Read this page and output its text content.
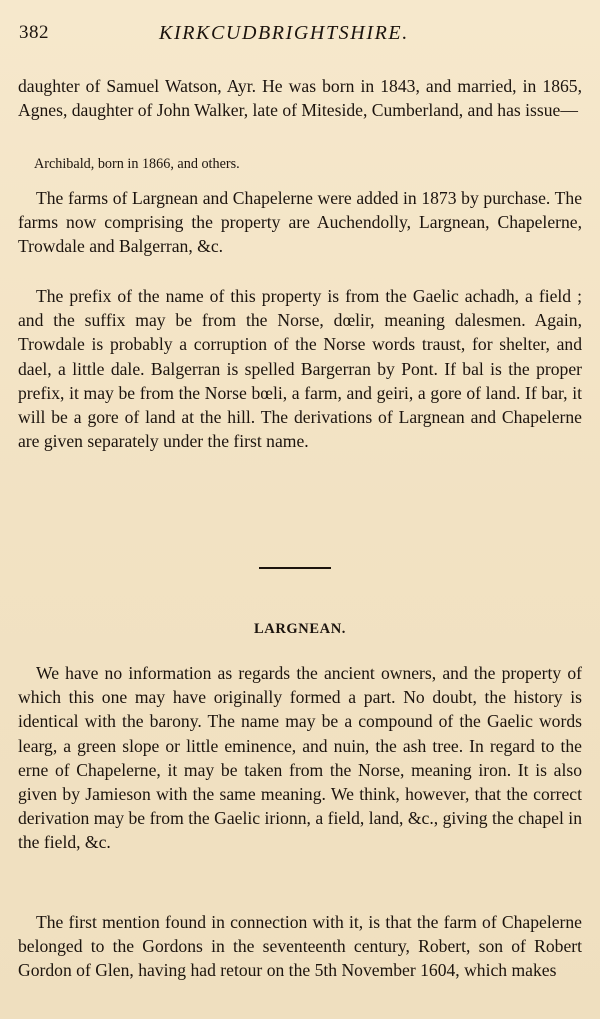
382	KIRKCUDBRIGHTSHIRE.

daughter of Samuel Watson, Ayr. He was born in 1843, and married, in 1865, Agnes, daughter of John Walker, late of Miteside, Cumberland, and has issue—

Archibald, born in 1866, and others.

The farms of Largnean and Chapelerne were added in 1873 by purchase. The farms now comprising the property are Auchendolly, Largnean, Chapelerne, Trowdale and Balgerran, &c.

The prefix of the name of this property is from the Gaelic achadh, a field ; and the suffix may be from the Norse, dœlir, meaning dalesmen. Again, Trowdale is probably a corruption of the Norse words traust, for shelter, and dael, a little dale. Balgerran is spelled Bargerran by Pont. If bal is the proper prefix, it may be from the Norse bœli, a farm, and geiri, a gore of land. If bar, it will be a gore of land at the hill. The derivations of Largnean and Chapelerne are given separately under the first name.

LARGNEAN.

We have no information as regards the ancient owners, and the property of which this one may have originally formed a part. No doubt, the history is identical with the barony. The name may be a compound of the Gaelic words learg, a green slope or little eminence, and nuin, the ash tree. In regard to the erne of Chapelerne, it may be taken from the Norse, meaning iron. It is also given by Jamieson with the same meaning. We think, however, that the correct derivation may be from the Gaelic irionn, a field, land, &c., giving the chapel in the field, &c.

The first mention found in connection with it, is that the farm of Chapelerne belonged to the Gordons in the seventeenth century, Robert, son of Robert Gordon of Glen, having had retour on the 5th November 1604, which makes
